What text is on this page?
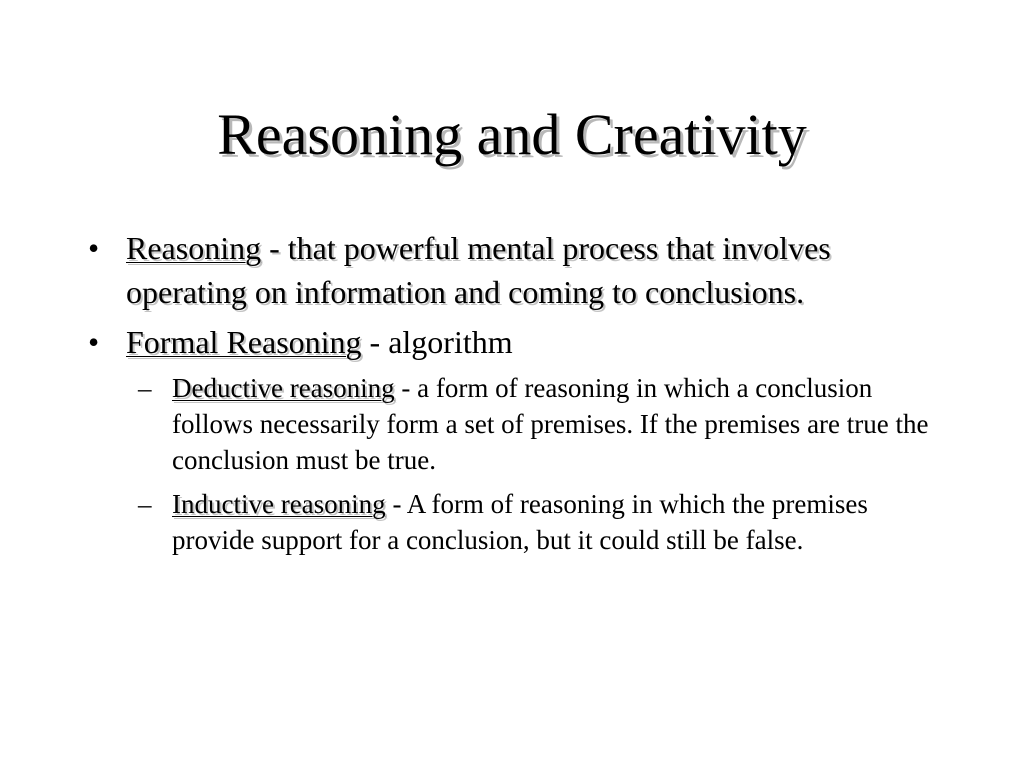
Reasoning and Creativity
• Reasoning - that powerful mental process that involves operating on information and coming to conclusions.
• Formal Reasoning - algorithm
– Deductive reasoning - a form of reasoning in which a conclusion follows necessarily form a set of premises. If the premises are true the conclusion must be true.
– Inductive reasoning - A form of reasoning in which the premises provide support for a conclusion, but it could still be false.
